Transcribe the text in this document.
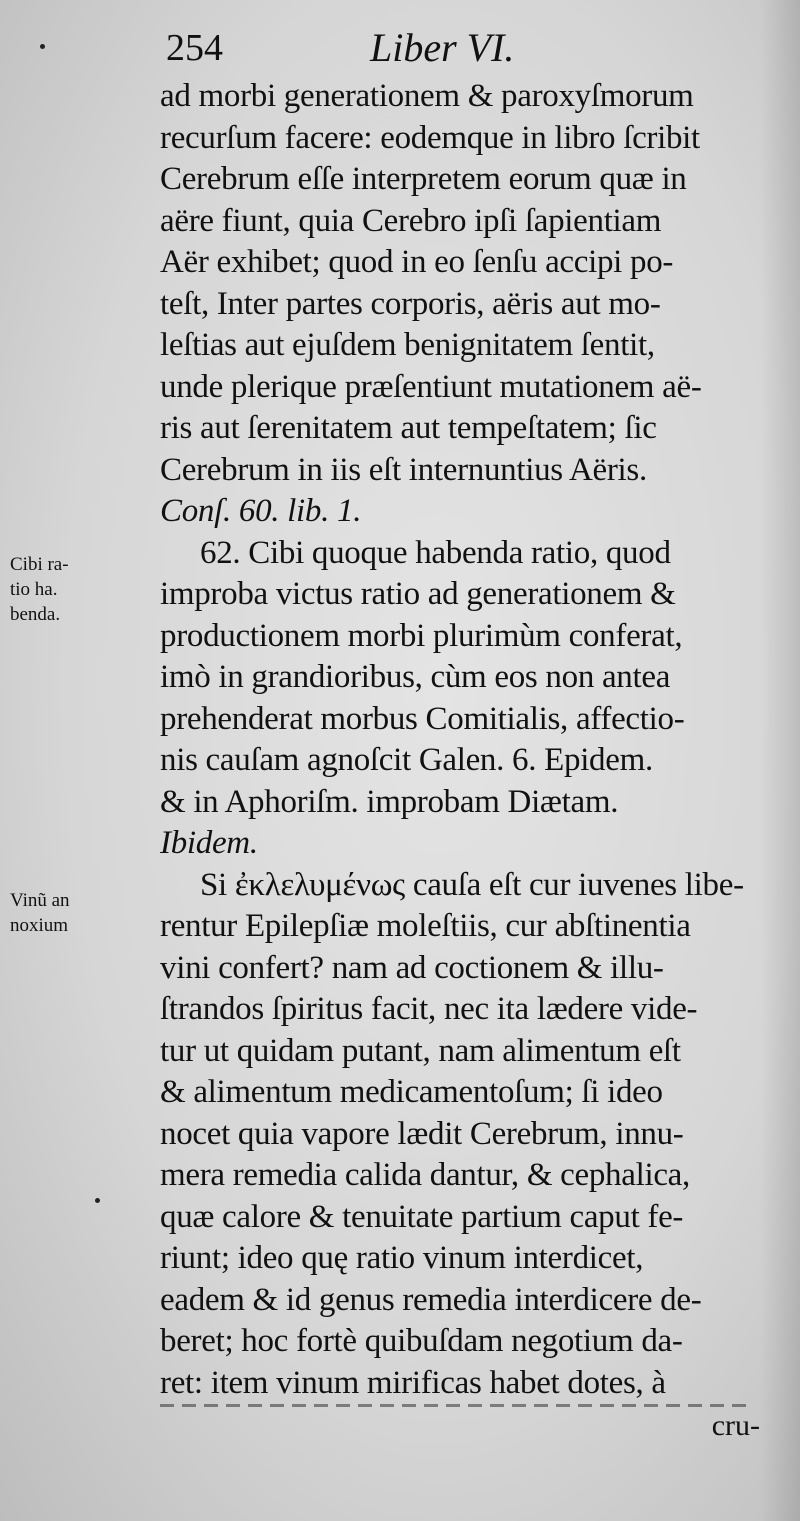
254	Liber VI.
Cibi ra-
tio ha.
benda.
Vinũ an
noxium
ad morbi generationem & paroxyſmorum
recurſum facere: eodemque in libro ſcribit
Cerebrum eſſe interpretem eorum quæ in
aëre fiunt, quia Cerebro ipſi ſapientiam
Aër exhibet; quod in eo ſenſu accipi po-
teſt, Inter partes corporis, aëris aut mo-
leſtias aut ejuſdem benignitatem ſentit,
unde plerique præſentiunt mutationem aë-
ris aut ſerenitatem aut tempeſtatem; ſic
Cerebrum in iis eſt internuntius Aëris.
Conſ. 60. lib. 1.
62. Cibi quoque habenda ratio, quod
improba victus ratio ad generationem &
productionem morbi plurimùm conferat,
imò in grandioribus, cùm eos non antea
prehenderat morbus Comitialis, affectio-
nis cauſam agnoſcit Galen. 6. Epidem.
& in Aphoriſm. improbam Diætam.
Ibidem.
Si ἐκλελυμένως cauſa eſt cur iuvenes libe-
rentur Epilepſiæ moleſtiis, cur abſtinentia
vini confert? nam ad coctionem & illu-
ſtrandos ſpiritus facit, nec ita lædere vide-
tur ut quidam putant, nam alimentum eſt
& alimentum medicamentoſum; ſi ideo
nocet quia vapore lædit Cerebrum, innu-
mera remedia calida dantur, & cephalica,
quæ calore & tenuitate partium caput fe-
riunt; ideo quę ratio vinum interdicet,
eadem & id genus remedia interdicere de-
beret; hoc fortè quibuſdam negotium da-
ret: item vinum mirificas habet dotes, à
cru-
